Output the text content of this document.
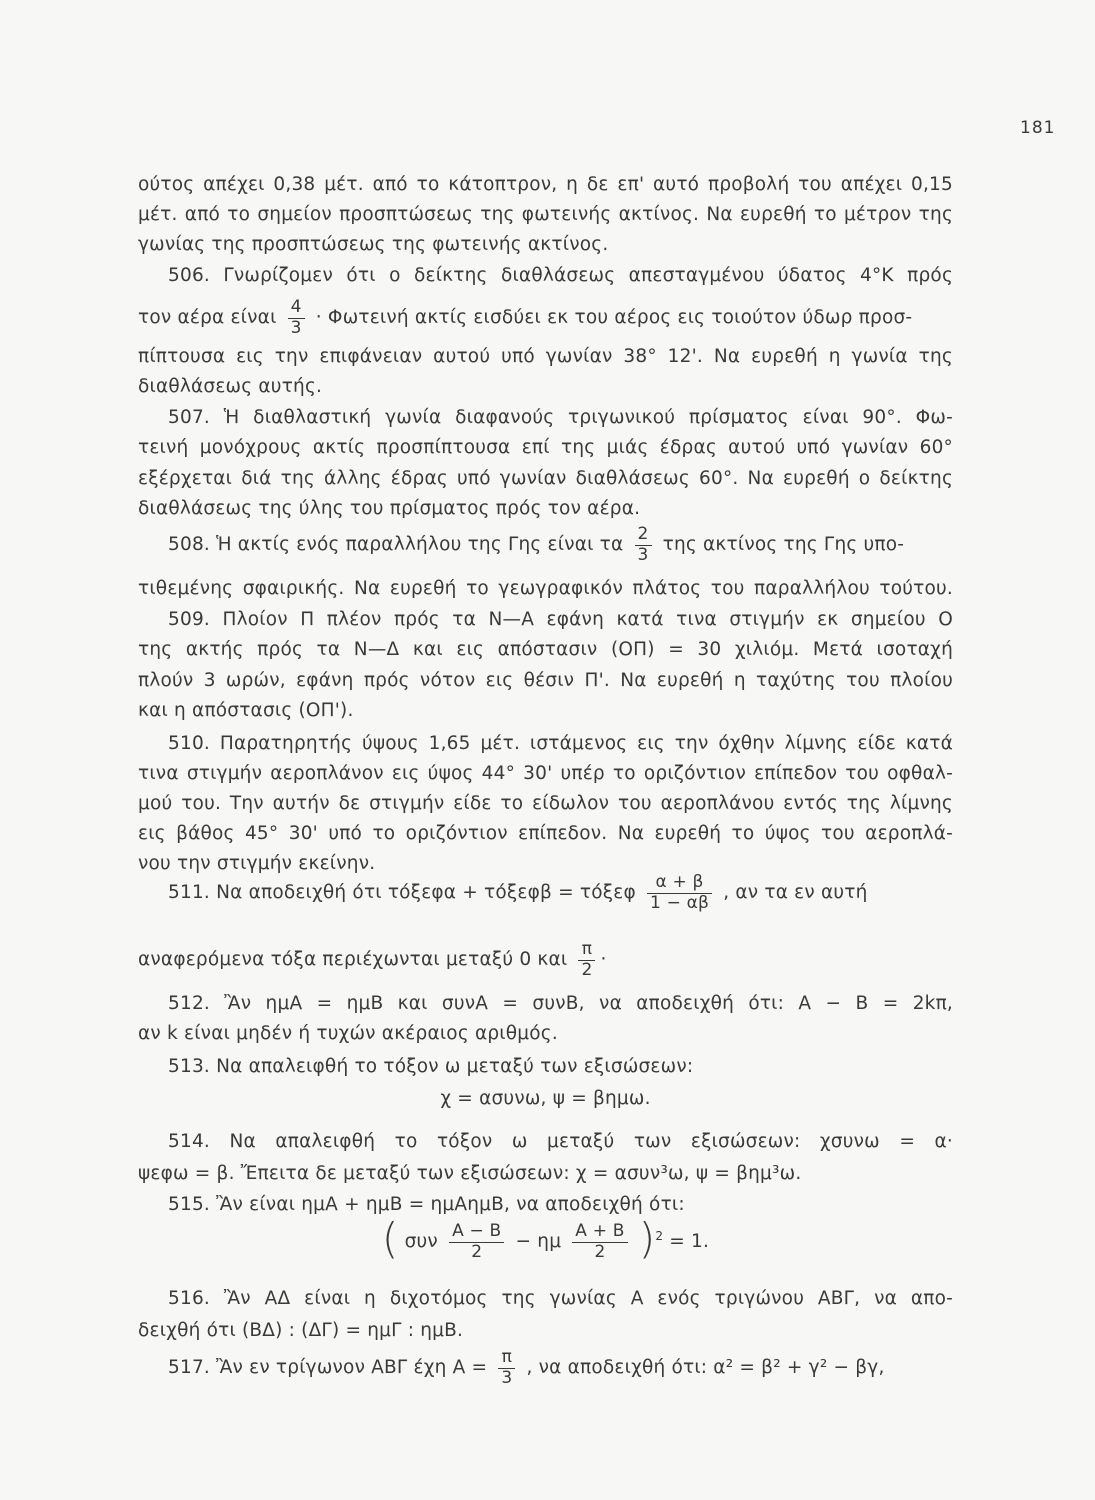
181
ούτος απέχει 0,38 μέτ. από το κάτοπτρον, η δε επ' αυτό προβολή του απέχει 0,15
μέτ. από το σημείον προσπτώσεως της φωτεινής ακτίνος. Να ευρεθή το μέτρον της
γωνίας της προσπτώσεως της φωτεινής ακτίνος.
506. Γνωρίζομεν ότι ο δείκτης διαθλάσεως απεσταγμένου ύδατος 4°Κ πρός
τον αέρα είναι $\frac{4}{3} \cdot \Phi\omega\tau\varepsilon\iota\nu ή$ ακτίς εισδύει εκ του αέρος εις τοιούτον ύδωρ προσ-
πίπτουσα εις την επιφάνειαν αυτού υπό γωνίαν 38° 12'. Να ευρεθή η γωνία της
διαθλάσεως αυτής.
507. Ἡ διαθλαστική γωνία διαφανούς τριγωνικού πρίσματος είναι 90°. Φω-
τεινή μονόχρους ακτίς προσπίπτουσα επί της μιάς έδρας αυτού υπό γωνίαν 60°
εξέρχεται διά της άλλης έδρας υπό γωνίαν διαθλάσεως 60°. Να ευρεθή ο δείκτης
διαθλάσεως της ύλης του πρίσματος πρός τον αέρα.
508. Ἡ ακτίς ενός παραλλήλου της Γης είναι τα $\frac{2}{3}$ της ακτίνος της Γης υπο-
τιθεμένης σφαιρικής. Να ευρεθή το γεωγραφικόν πλάτος του παραλλήλου τούτου.
509. Πλοίον Π πλέον πρός τα Ν—Α εφάνη κατά τινα στιγμήν εκ σημείου Ο
της ακτής πρός τα Ν—Δ και εις απόστασιν (ΟΠ) = 30 χιλιόμ. Μετά ισοταχή
πλούν 3 ωρών, εφάνη πρός νότον εις θέσιν Π'. Να ευρεθή η ταχύτης του πλοίου
και η απόστασις (ΟΠ').
510. Παρατηρητής ύψους 1,65 μέτ. ιστάμενος εις την όχθην λίμνης είδε κατά
τινα στιγμήν αεροπλάνον εις ύψος 44° 30' υπέρ το οριζόντιον επίπεδον του οφθαλ-
μού του. Την αυτήν δε στιγμήν είδε το είδωλον του αεροπλάνου εντός της λίμνης
εις βάθος 45° 30' υπό το οριζόντιον επίπεδον. Να ευρεθή το ύψος του αεροπλά-
νου την στιγμήν εκείνην.
511. Να αποδειχθή ότι τόξεφα + τόξεφβ = τόξεφ $\frac{\alpha + \beta}{1 - \alpha\beta}$ , αν τα εν αυτή
αναφερόμενα τόξα περιέχωνται μεταξύ 0 και $\frac{\pi}{2}$ ·
512. Ἂν ημΑ = ημΒ και συνΑ = συνΒ, να αποδειχθή ότι: Α − Β = 2kπ,
αν k είναι μηδέν ή τυχών ακέραιος αριθμός.
513. Να απαλειφθή το τόξον ω μεταξύ των εξισώσεων:
χ = ασυνω, ψ = βημω.
514. Να απαλειφθή το τόξον ω μεταξύ των εξισώσεων: χσυνω = α·
ψεφω = β. Ἔπειτα δε μεταξύ των εξισώσεων: χ = ασυν³ω, ψ = βημ³ω.
515. Ἂν είναι ημΑ + ημΒ = ημΑημΒ, να αποδειχθή ότι:
( συν $\frac{A - B}{2} - \eta\mu \frac{A + B}{2} )^2 = 1$.
516. Ἂν ΑΔ είναι η διχοτόμος της γωνίας Α ενός τριγώνου ΑΒΓ, να απο-
δειχθή ότι (ΒΔ) : (ΔΓ) = ημΓ : ημΒ.
517. Ἂν εν τρίγωνον ΑΒΓ έχη $A = \frac{\pi}{3}$ , να αποδειχθή ότι: α² = β² + γ² − βγ,
